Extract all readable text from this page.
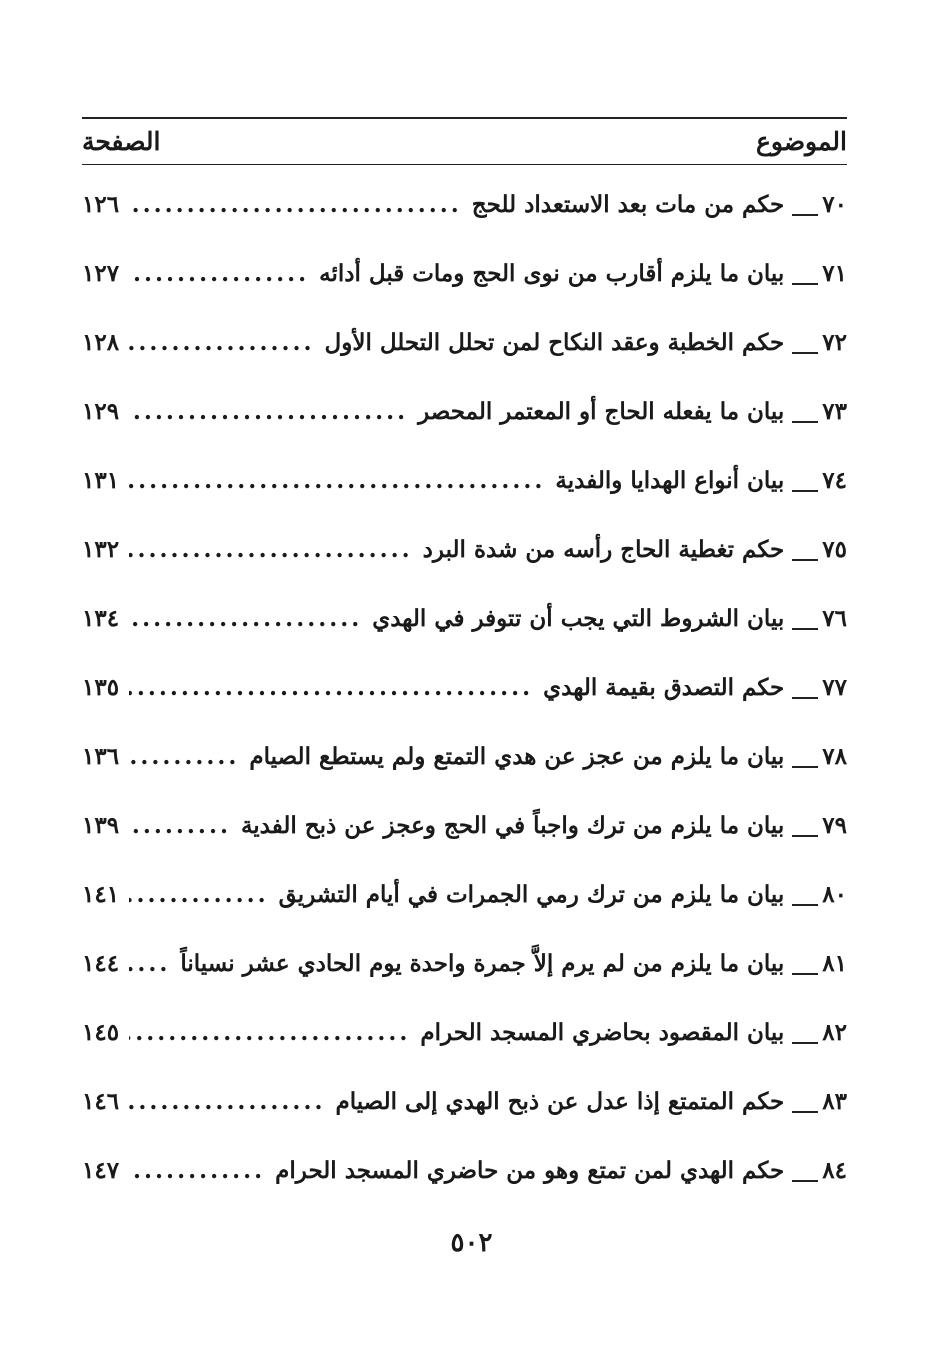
الموضوع
الصفحة
٧٠
حكم من مات بعد الاستعداد للحج
.....
١٢٦
٧١
بيان ما يلزم أقارب من نوى الحج ومات قبل أدائه
.....
١٢٧
٧٢
حكم الخطبة وعقد النكاح لمن تحلل التحلل الأول
.....
١٢٨
٧٣
بيان ما يفعله الحاج أو المعتمر المحصر
.....
١٢٩
٧٤
بيان أنواع الهدايا والفدية
.....
١٣١
٧٥
حكم تغطية الحاج رأسه من شدة البرد
.....
١٣٢
٧٦
بيان الشروط التي يجب أن تتوفر في الهدي
.....
١٣٤
٧٧
حكم التصدق بقيمة الهدي
.....
١٣٥
٧٨
بيان ما يلزم من عجز عن هدي التمتع ولم يستطع الصيام
.....
١٣٦
٧٩
بيان ما يلزم من ترك واجباً في الحج وعجز عن ذبح الفدية
.....
١٣٩
٨٠
بيان ما يلزم من ترك رمي الجمرات في أيام التشريق
.....
١٤١
٨١
بيان ما يلزم من لم يرم إلاَّ جمرة واحدة يوم الحادي عشر نسياناً
.....
١٤٤
٨٢
بيان المقصود بحاضري المسجد الحرام
.....
١٤٥
٨٣
حكم المتمتع إذا عدل عن ذبح الهدي إلى الصيام
.....
١٤٦
٨٤
حكم الهدي لمن تمتع وهو من حاضري المسجد الحرام
.....
١٤٧
٥٠٢
